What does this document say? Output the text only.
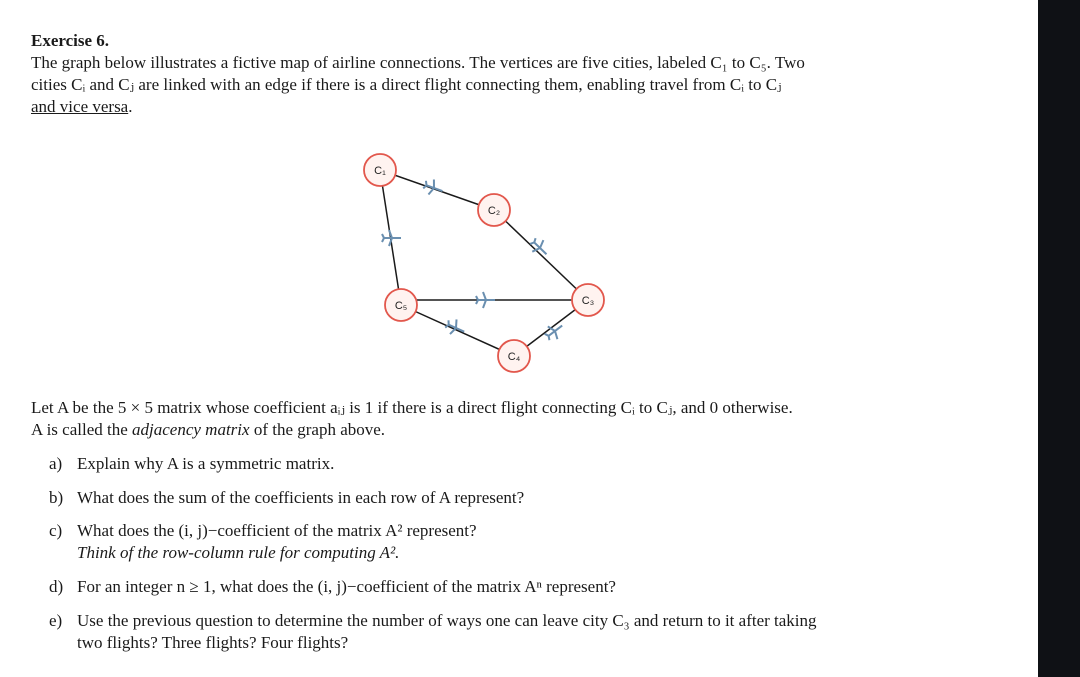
Exercise 6.

The graph below illustrates a fictive map of airline connections. The vertices are five cities, labeled C₁ to C₅. Two

cities Cᵢ and Cⱼ are linked with an edge if there is a direct flight connecting them, enabling travel from Cᵢ to Cⱼ

and vice versa.

C₁
C₂
C₃
C₄
C₅

Let A be the 5 × 5 matrix whose coefficient aᵢⱼ is 1 if there is a direct flight connecting Cᵢ to Cⱼ, and 0 otherwise.

A is called the adjacency matrix of the graph above.

a) Explain why A is a symmetric matrix.

b) What does the sum of the coefficients in each row of A represent?

c) What does the (i, j)−coefficient of the matrix A² represent?
Think of the row-column rule for computing A².

d) For an integer n ≥ 1, what does the (i, j)−coefficient of the matrix Aⁿ represent?

e) Use the previous question to determine the number of ways one can leave city C₃ and return to it after taking
two flights? Three flights? Four flights?
